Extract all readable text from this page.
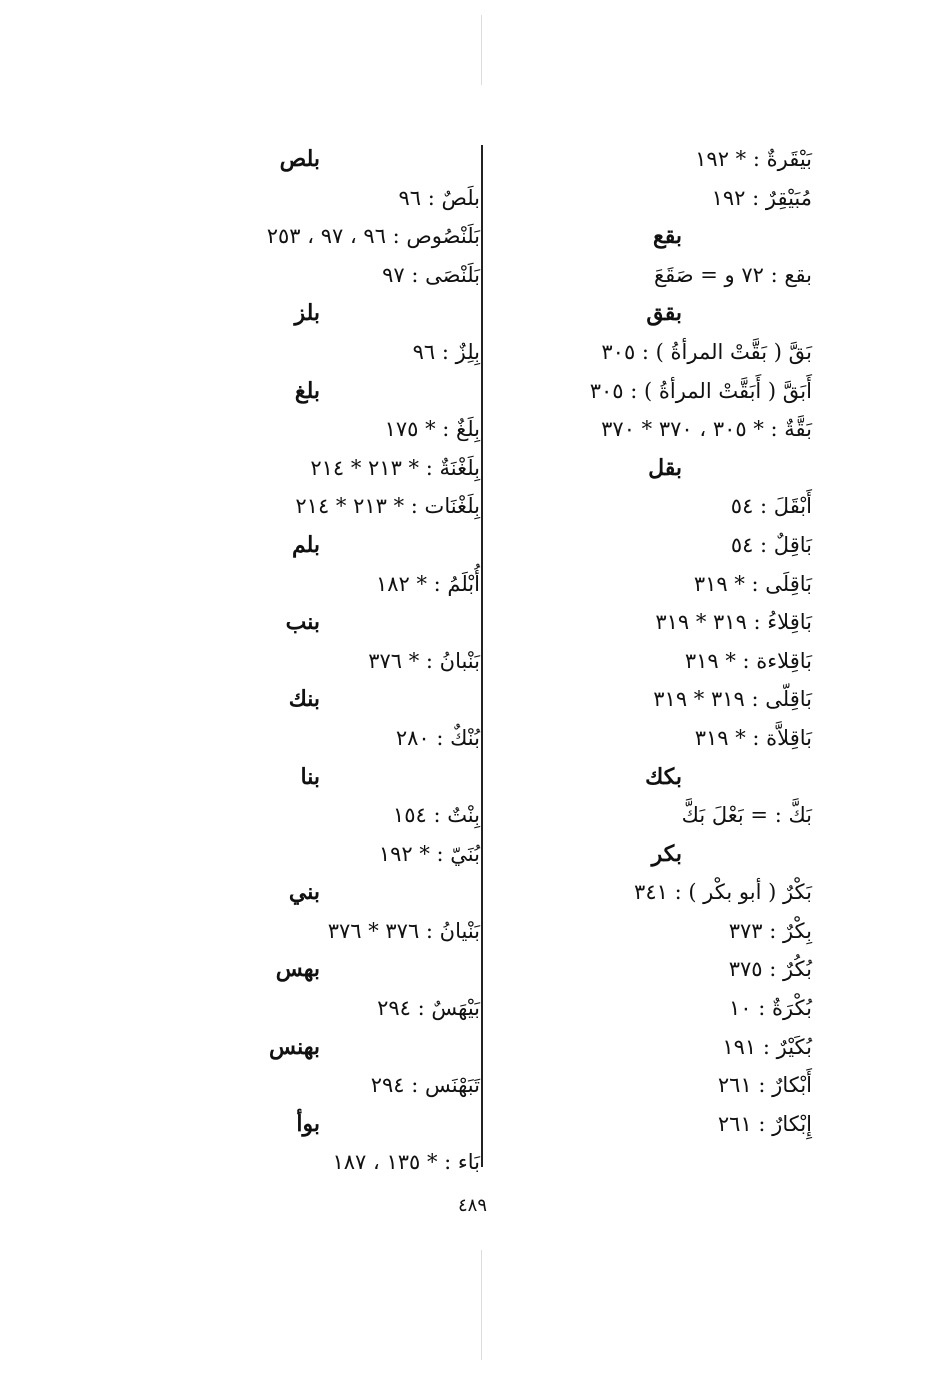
بَيْقَرةٌ : * ١٩٢
مُبَيْقِرٌ : ١٩٢
بقع
بقع : ٧٢ و = صَقَعَ
بقق
بَقَّ ( بَقَّتْ المرأةُ ) : ٣٠٥
أَبَقَّ ( أَبَقَّتْ المرأةُ ) : ٣٠٥
بَقَّةٌ : * ٣٠٥ ، ٣٧٠ * ٣٧٠
بقل
أَبْقَلَ : ٥٤
بَاقِلٌ : ٥٤
بَاقِلَى : * ٣١٩
بَاقِلاءُ : ٣١٩ * ٣١٩
بَاقِلاءة : * ٣١٩
بَاقِلّى : ٣١٩ * ٣١٩
بَاقِلاَّة : * ٣١٩
بكك
بَكَّ : = بَعْلَ بَكَّ
بكر
بَكْرٌ ( أبو بكْر ) : ٣٤١
بِكْرٌ : ٣٧٣
بُكُرٌ : ٣٧٥
بُكْرَةٌ : ١٠
بُكَيْرٌ : ١٩١
أَبْكارٌ : ٢٦١
إِبْكارٌ : ٢٦١
بلص
بلَصٌ : ٩٦
بَلَنْصُوص : ٩٦ ، ٩٧ ، ٢٥٣
بَلَنْصَى : ٩٧
بلز
بِلِزٌ : ٩٦
بلغ
بِلَغٌ : * ١٧٥
بِلَغْنَةٌ : * ٢١٣ * ٢١٤
بِلَغْنَات : * ٢١٣ * ٢١٤
بلم
أُبْلَمُ : * ١٨٢
بنب
بَنْبانُ : * ٣٧٦
بنك
بُنْكٌ : ٢٨٠
بنا
بِنْتٌ : ١٥٤
بُنَيّ : * ١٩٢
بني
بَنْيانُ : ٣٧٦ * ٣٧٦
بهس
بَيْهَسٌ : ٢٩٤
بهنس
تَبَهْنَس : ٢٩٤
بوأ
بَاء : * ١٣٥ ، ١٨٧
٤٨٩
